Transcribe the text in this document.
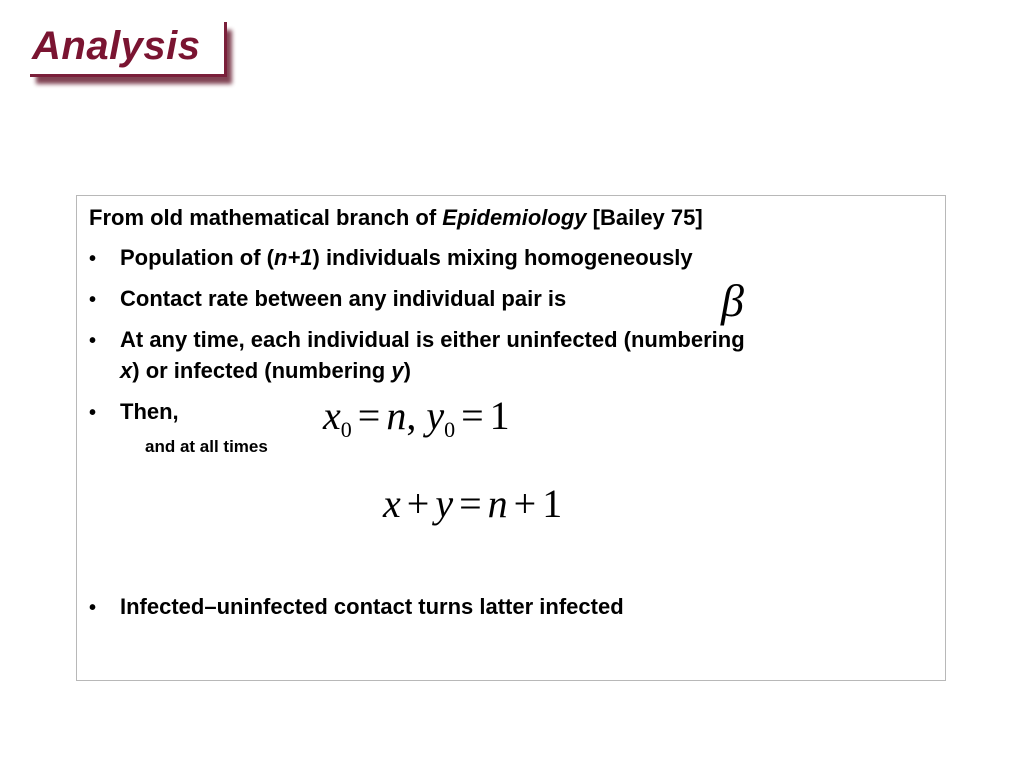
Analysis
From old mathematical branch of Epidemiology [Bailey 75]
• Population of (n+1) individuals mixing homogeneously
• Contact rate between any individual pair is	β
• At any time, each individual is either uninfected (numbering
x) or infected (numbering y)
• Then,	$x_0 = n$, $y_0 = 1$
and at all times
x + y = n + 1
• Infected–uninfected contact turns latter infected
